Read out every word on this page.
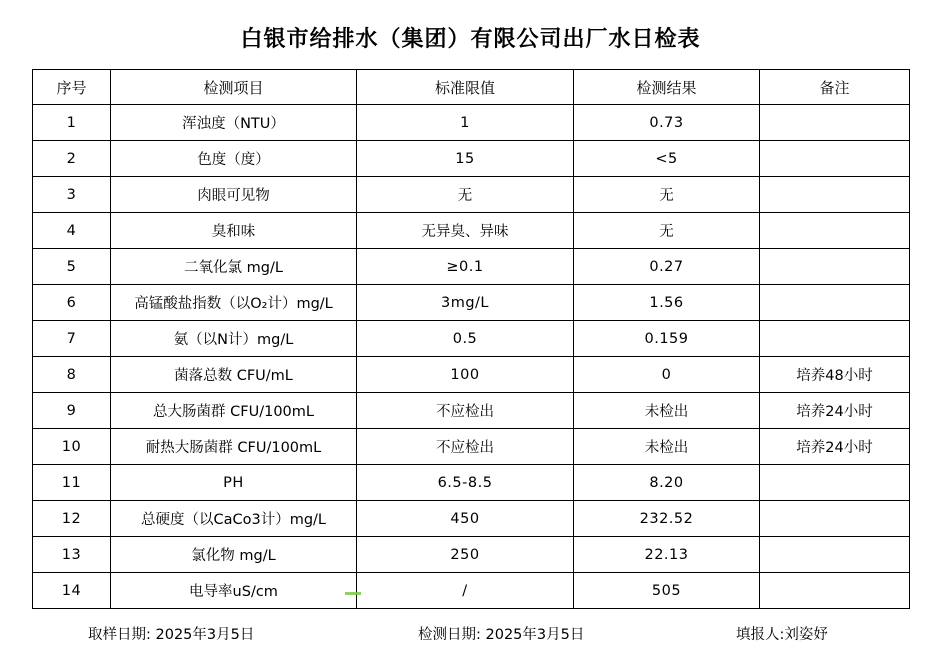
白银市给排水（集团）有限公司出厂水日检表
序号	检测项目	标准限值	检测结果	备注
1	浑浊度（NTU）	1	0.73	
2	色度（度）	15	<5	
3	肉眼可见物	无	无	
4	臭和味	无异臭、异味	无	
5	二氧化氯 mg/L	≥0.1	0.27	
6	高锰酸盐指数（以O₂计）mg/L	3mg/L	1.56	
7	氨（以N计）mg/L	0.5	0.159	
8	菌落总数 CFU/mL	100	0	培养48小时
9	总大肠菌群 CFU/100mL	不应检出	未检出	培养24小时
10	耐热大肠菌群 CFU/100mL	不应检出	未检出	培养24小时
11	PH	6.5-8.5	8.20	
12	总硬度（以CaCo3计）mg/L	450	232.52	
13	氯化物 mg/L	250	22.13	
14	电导率uS/cm	/	505	
取样日期: 2025年3月5日	检测日期: 2025年3月5日	填报人:刘姿妤
